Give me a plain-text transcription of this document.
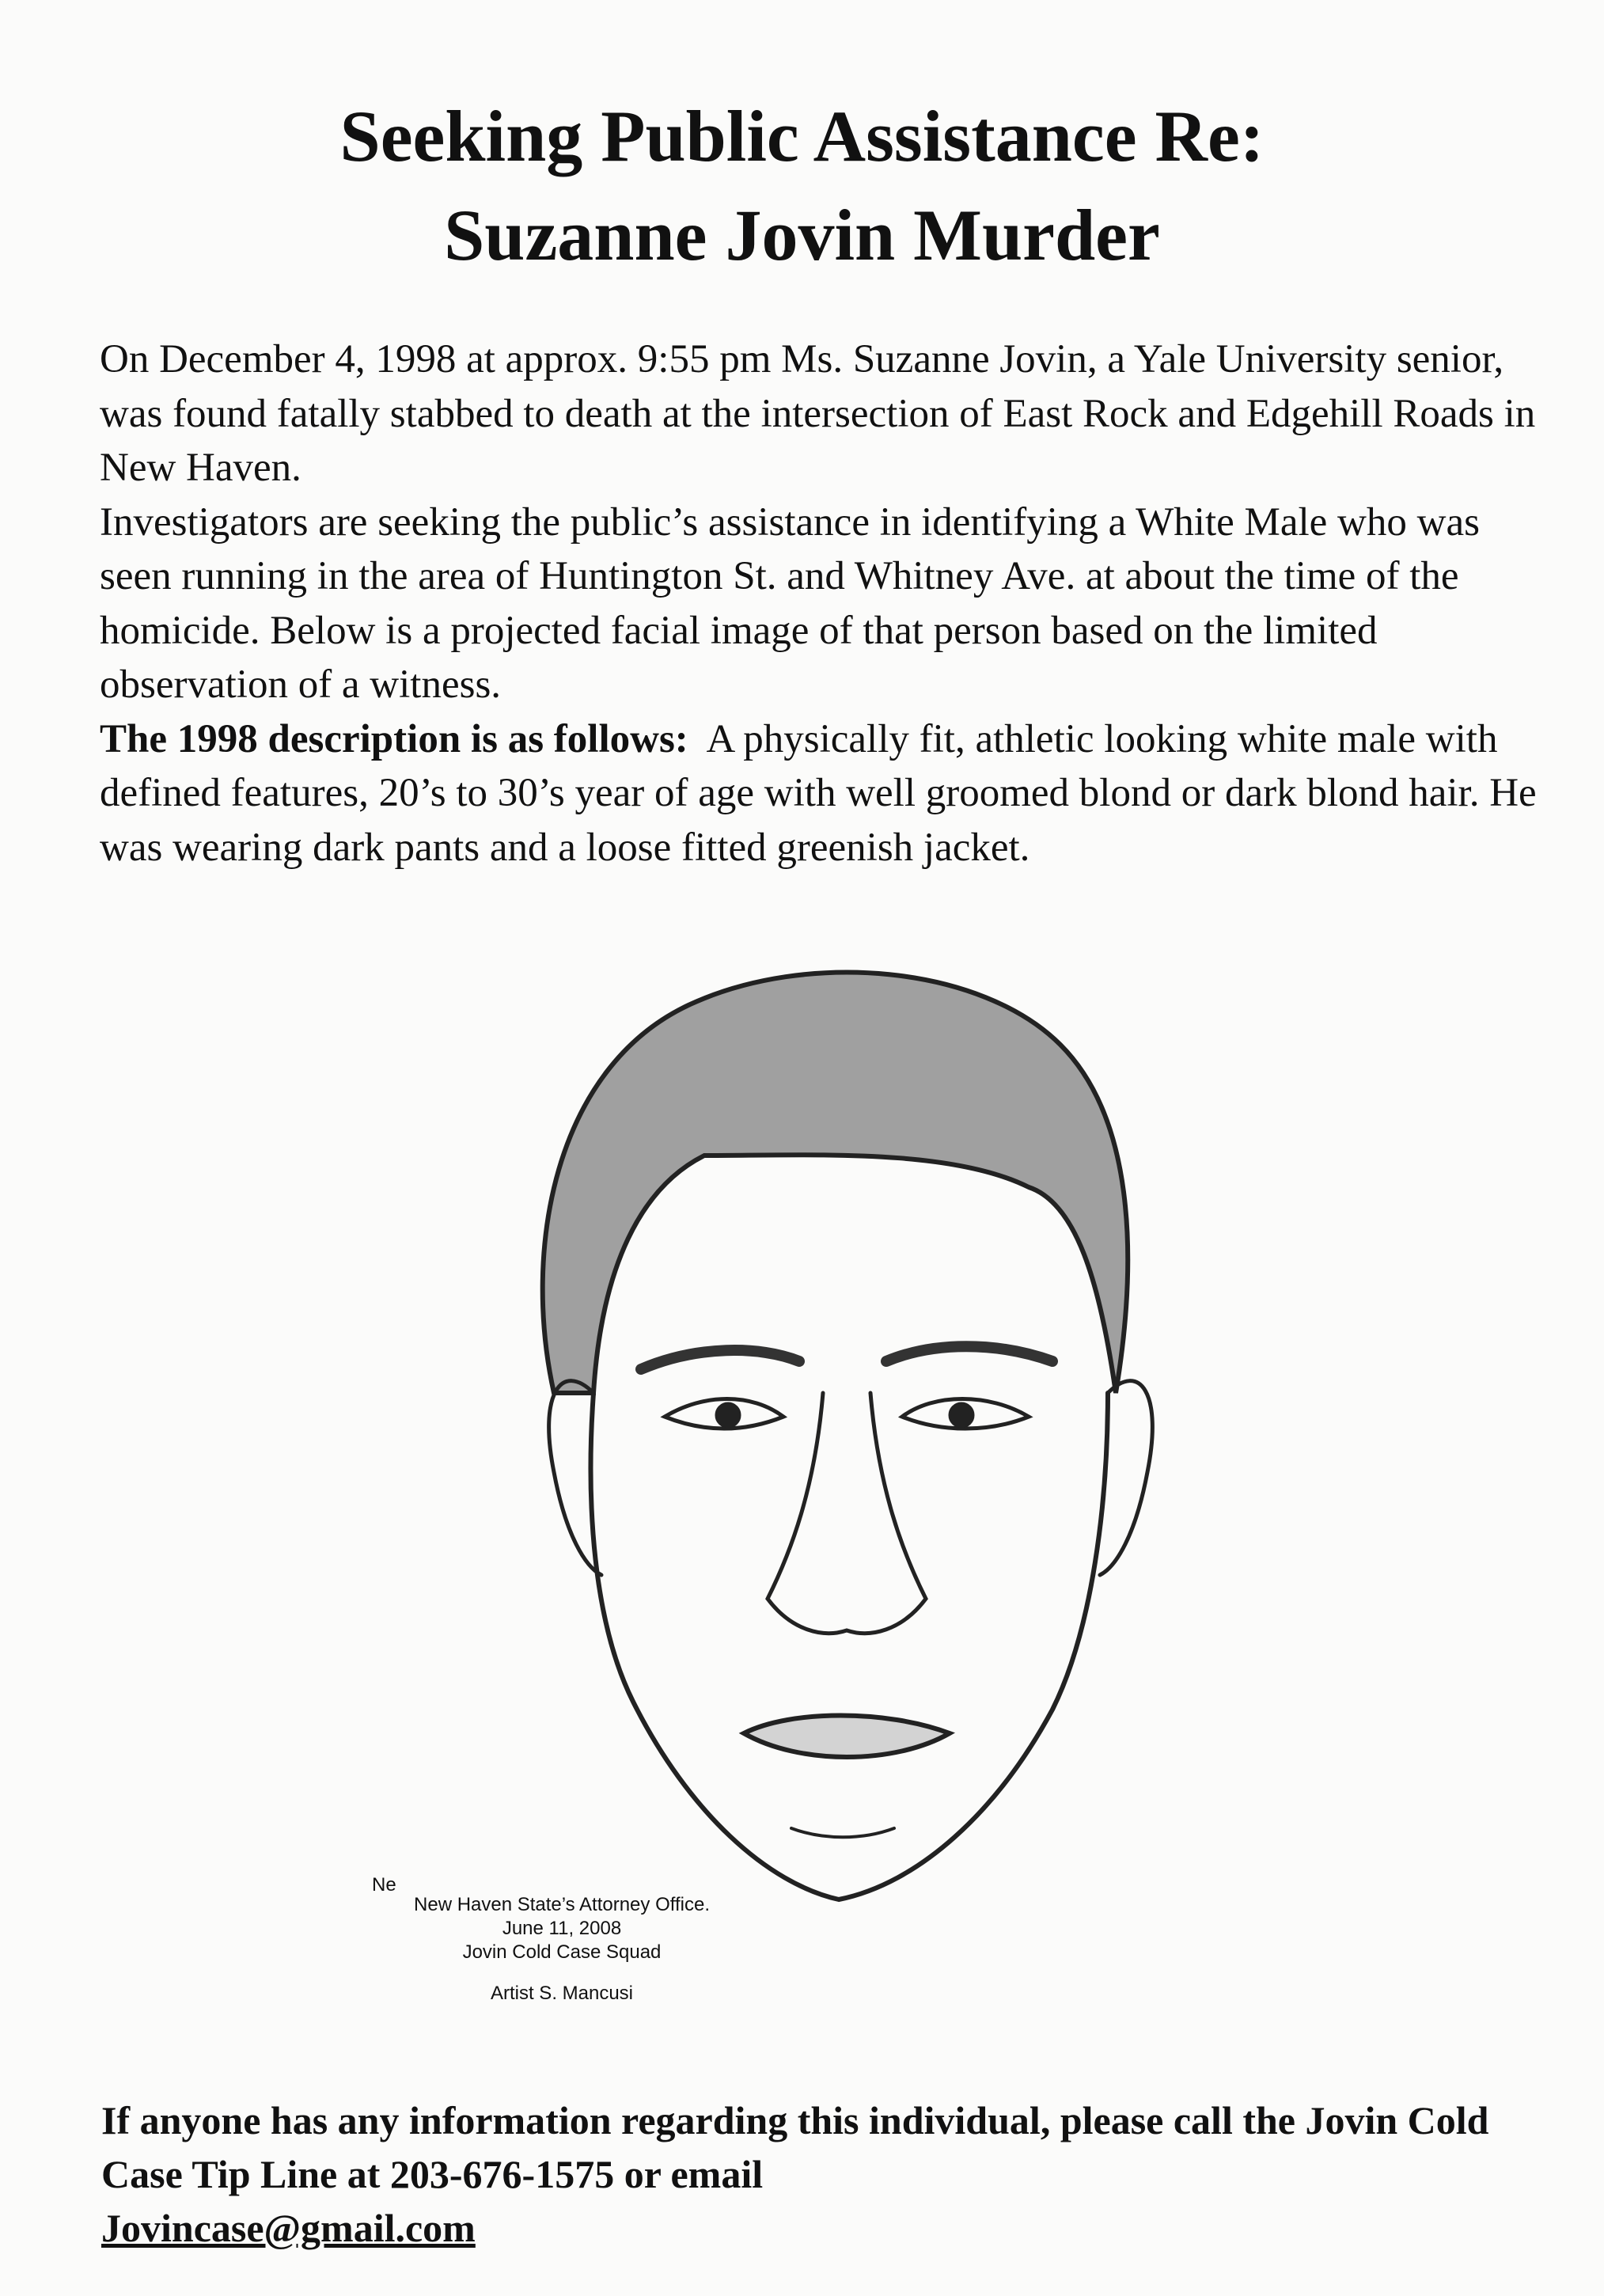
Seeking Public Assistance Re:
Suzanne Jovin Murder

On December 4, 1998 at approx. 9:55 pm Ms. Suzanne Jovin, a Yale University senior, was found fatally stabbed to death at the intersection of East Rock and Edgehill Roads in New Haven.

Investigators are seeking the public’s assistance in identifying a White Male who was seen running in the area of Huntington St. and Whitney Ave. at about the time of the homicide. Below is a projected facial image of that person based on the limited observation of a witness.

The 1998 description is as follows: A physically fit, athletic looking white male with defined features, 20’s to 30’s year of age with well groomed blond or dark blond hair. He was wearing dark pants and a loose fitted greenish jacket.

Ne
New Haven State’s Attorney Office.
June 11, 2008
Jovin Cold Case Squad
Artist S. Mancusi
If anyone has any information regarding this individual, please call the Jovin Cold Case Tip Line at 203-676-1575 or email
Jovincase@gmail.com
